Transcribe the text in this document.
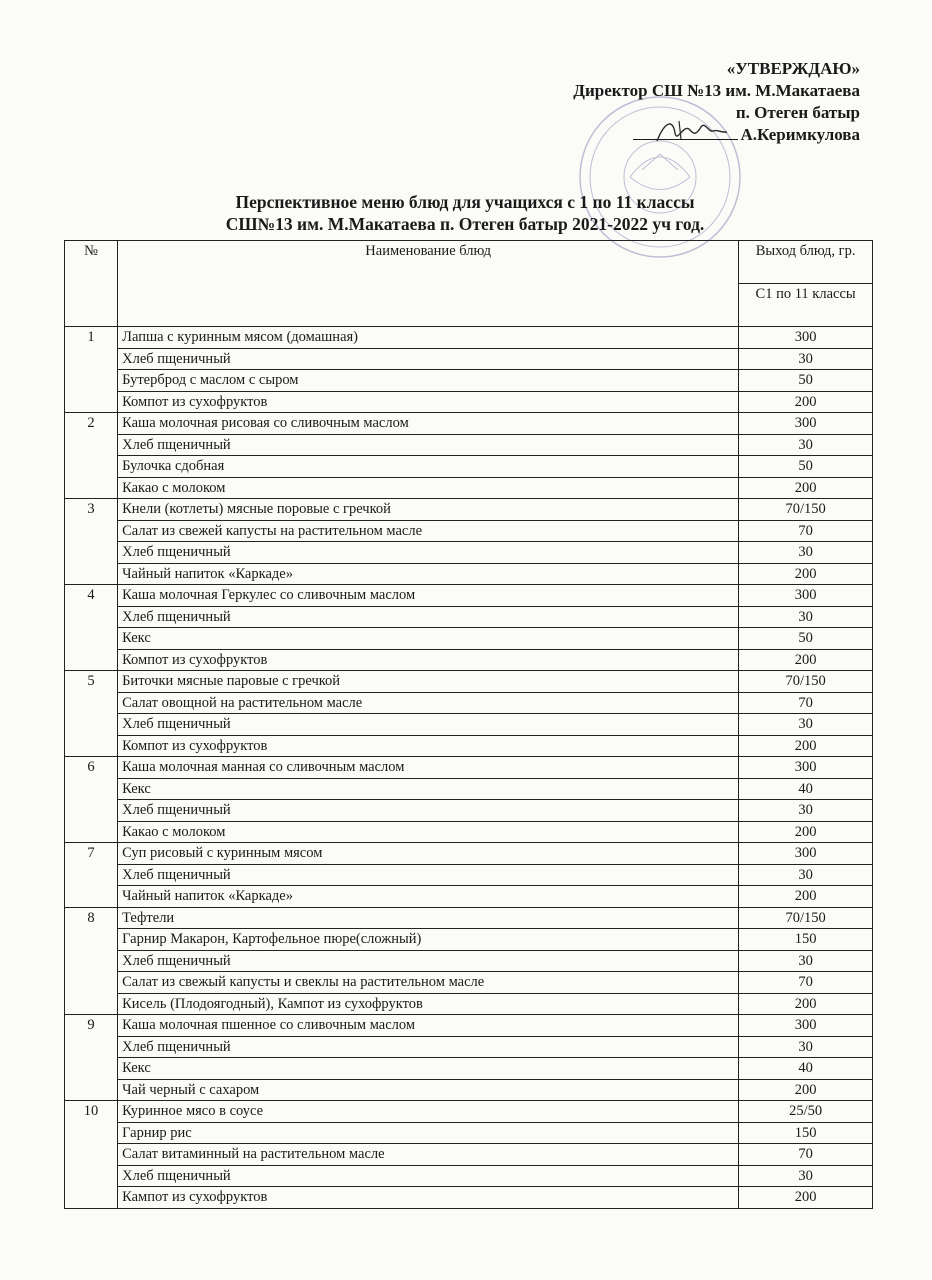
«УТВЕРЖДАЮ»
Директор СШ №13 им. М.Макатаева
п. Отеген батыр
А.Керимкулова
Перспективное меню блюд для учащихся с 1 по 11 классы
СШ№13 им. М.Макатаева п. Отеген батыр 2021-2022 уч год.
№	Наименование блюд	Выход блюд, гр.
		С1 по 11 классы
1	Лапша с куринным мясом (домашная)	300
	Хлеб пщеничный	30
	Бутерброд с маслом с сыром	50
	Компот из сухофруктов	200
2	Каша молочная рисовая со сливочным маслом	300
	Хлеб пщеничный	30
	Булочка сдобная	50
	Какао с молоком	200
3	Кнели (котлеты) мясные поровые с гречкой	70/150
	Салат из свежей капусты на растительном масле	70
	Хлеб пщеничный	30
	Чайный напиток «Каркаде»	200
4	Каша молочная Геркулес со сливочным маслом	300
	Хлеб пщеничный	30
	Кекс	50
	Компот из сухофруктов	200
5	Биточки мясные паровые с гречкой	70/150
	Салат овощной на растительном масле	70
	Хлеб пщеничный	30
	Компот из сухофруктов	200
6	Каша молочная манная со сливочным маслом	300
	Кекс	40
	Хлеб пщеничный	30
	Какао с молоком	200
7	Суп рисовый с куринным мясом	300
	Хлеб пщеничный	30
	Чайный напиток «Каркаде»	200
8	Тефтели	70/150
	Гарнир Макарон, Картофельное пюре(сложный)	150
	Хлеб пщеничный	30
	Салат из свежый капусты и свеклы на растительном масле	70
	Кисель (Плодоягодный), Кампот из сухофруктов	200
9	Каша молочная пшенное со сливочным маслом	300
	Хлеб пщеничный	30
	Кекс	40
	Чай черный с сахаром	200
10	Куринное мясо в соусе	25/50
	Гарнир рис	150
	Салат витаминный на растительном масле	70
	Хлеб пщеничный	30
	Кампот из сухофруктов	200
